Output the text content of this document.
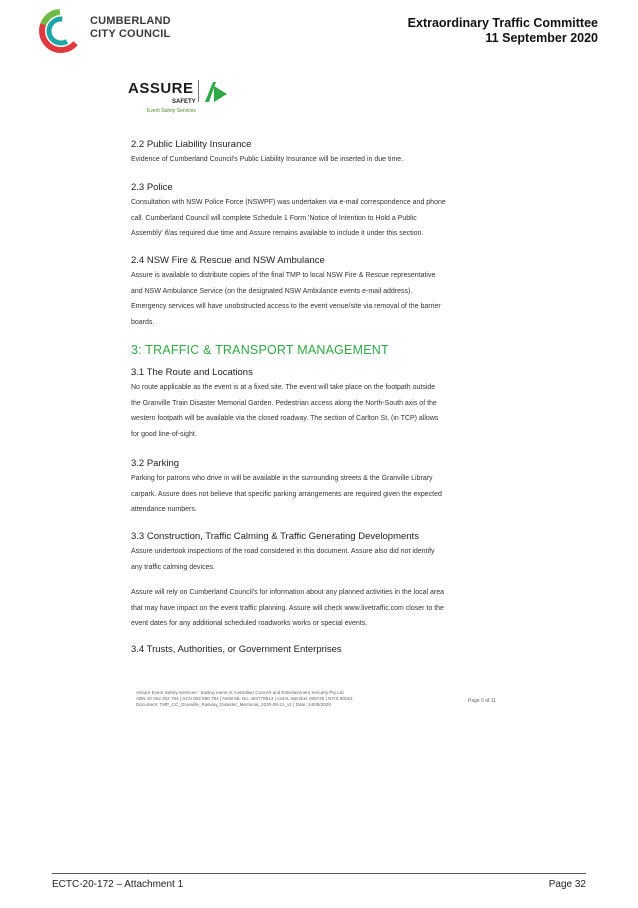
CUMBERLAND
CITY COUNCIL
Extraordinary Traffic Committee
11 September 2020
ASSURE
SAFETY
Event Safety Services
2.2 Public Liability Insurance
Evidence of Cumberland Council's Public Liability Insurance will be inserted in due time.
2.3 Police
Consultation with NSW Police Force (NSWPF) was undertaken via e-mail correspondence and phone
call. Cumberland Council will complete Schedule 1 Form 'Notice of Intention to Hold a Public
Assembly' if/as required due time and Assure remains available to include it under this section.
2.4 NSW Fire & Rescue and NSW Ambulance
Assure is available to distribute copies of the final TMP to local NSW Fire & Rescue representative
and NSW Ambulance Service (on the designated NSW Ambulance events e-mail address).
Emergency services will have unobstructed access to the event venue/site via removal of the barrier
boards.
3: TRAFFIC & TRANSPORT MANAGEMENT
3.1 The Route and Locations
No route applicable as the event is at a fixed site. The event will take place on the footpath outside
the Granville Train Disaster Memorial Garden. Pedestrian access along the North-South axis of the
western footpath will be available via the closed roadway. The section of Carlton St. (in TCP) allows
for good line-of-sight.
3.2 Parking
Parking for patrons who drive in will be available in the surrounding streets & the Granville Library
carpark. Assure does not believe that specific parking arrangements are required given the expected
attendance numbers.
3.3 Construction, Traffic Calming & Traffic Generating Developments
Assure undertook inspections of the road considered in this document. Assure also did not identify
any traffic calming devices.
Assure will rely on Cumberland Council's for information about any planned activities in the local area
that may have impact on the event traffic planning. Assure will check www.livetraffic.com closer to the
event dates for any additional scheduled roadworks works or special events.
3.4 Trusts, Authorities, or Government Enterprises
Assure Event Safety Services - trading name of Australian Concert and Entertainment Security Pty Ltd
ABN 16 002 302 794 | ACN 002 590 794 | NSW ML No. 404776913 | ASIAL Member 008746 | NTIS 90024
Document: TMP_CC_Granville_Railway_Disaster_Memorial_2020-08-21_v1 | Date: 24/08/2020
Page 6 of 11
ECTC-20-172 – Attachment 1	Page 32
